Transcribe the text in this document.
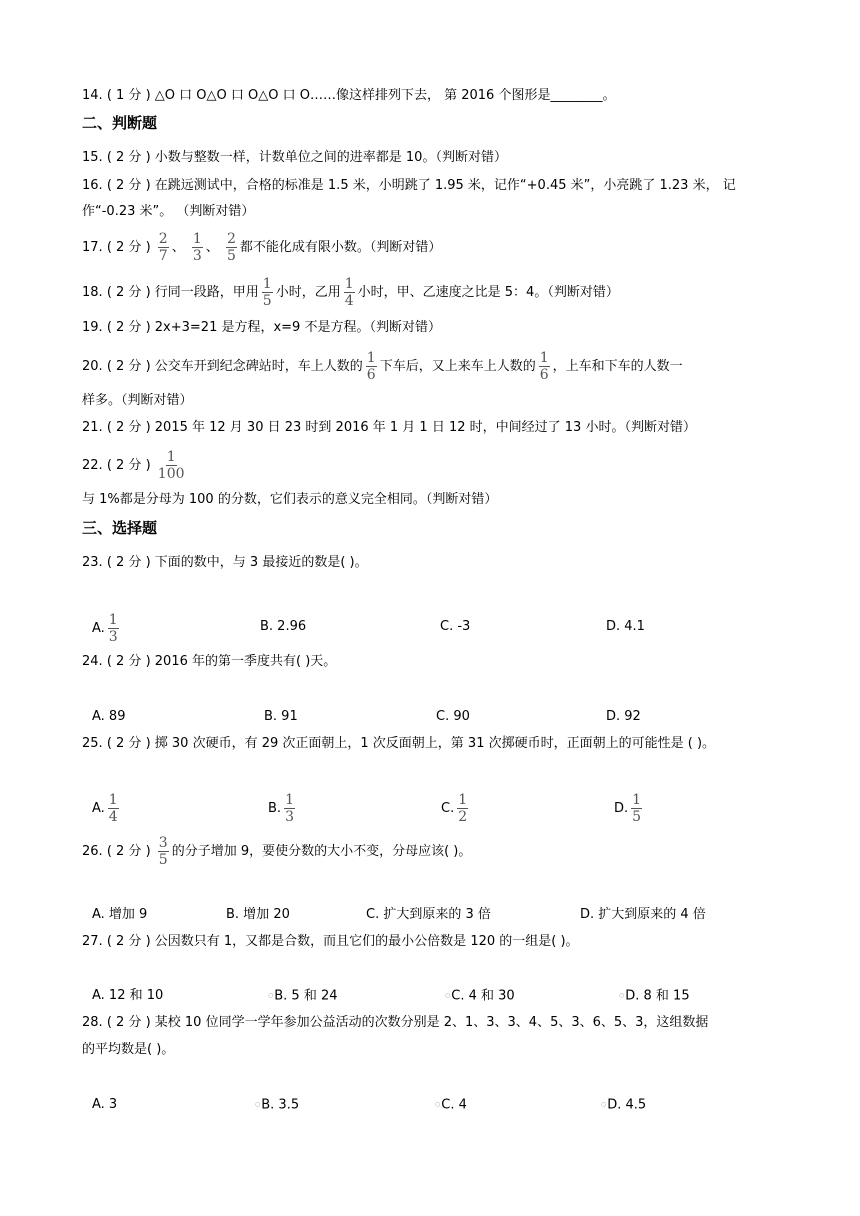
14. ( 1 分 ) △O 口 O△O 口 O△O 口 O……像这样排列下去， 第 2016 个图形是________。
二、判断题
15. ( 2 分 ) 小数与整数一样，计数单位之间的进率都是 10。（判断对错）
16. ( 2 分 ) 在跳远测试中，合格的标准是 1.5 米，小明跳了 1.95 米，记作“+0.45 米”，小亮跳了 1.23 米， 记
作“-0.23 米”。 （判断对错）
17. ( 2 分 ) $\frac{2}{7}$ 、 $\frac{1}{3}$ 、 $\frac{2}{5}$ 都不能化成有限小数。（判断对错）
18. ( 2 分 ) 行同一段路，甲用 $\frac{1}{5}$ 小时，乙用 $\frac{1}{4}$ 小时，甲、乙速度之比是 5：4。（判断对错）
19. ( 2 分 ) 2x+3=21 是方程，x=9 不是方程。（判断对错）
20. ( 2 分 ) 公交车开到纪念碑站时，车上人数的 $\frac{1}{6}$ 下车后，又上来车上人数的 $\frac{1}{6}$ ，上车和下车的人数一
样多。（判断对错）
21. ( 2 分 ) 2015 年 12 月 30 日 23 时到 2016 年 1 月 1 日 12 时，中间经过了 13 小时。（判断对错）
22. ( 2 分 ) $\frac{1}{100}$
与 1%都是分母为 100 的分数，它们表示的意义完全相同。（判断对错）
三、选择题
23. ( 2 分 ) 下面的数中，与 3 最接近的数是( )。
A. $\frac{1}{3}$	B. 2.96	C. -3	D. 4.1
24. ( 2 分 ) 2016 年的第一季度共有( )天。
A. 89	B. 91	C. 90	D. 92
25. ( 2 分 ) 掷 30 次硬币，有 29 次正面朝上，1 次反面朝上，第 31 次掷硬币时，正面朝上的可能性是 ( )。
A. $\frac{1}{4}$	B. $\frac{1}{3}$	C. $\frac{1}{2}$	D. $\frac{1}{5}$
26. ( 2 分 ) $\frac{3}{5}$ 的分子增加 9，要使分数的大小不变，分母应该( )。
A. 增加 9	B. 增加 20	C. 扩大到原来的 3 倍	D. 扩大到原来的 4 倍
27. ( 2 分 ) 公因数只有 1，又都是合数，而且它们的最小公倍数是 120 的一组是( )。
A. 12 和 10	○B. 5 和 24	○C. 4 和 30	○D. 8 和 15
28. ( 2 分 ) 某校 10 位同学一学年参加公益活动的次数分别是 2、1、3、3、4、5、3、6、5、3，这组数据
的平均数是( )。
A. 3	○B. 3.5	○C. 4	○D. 4.5
